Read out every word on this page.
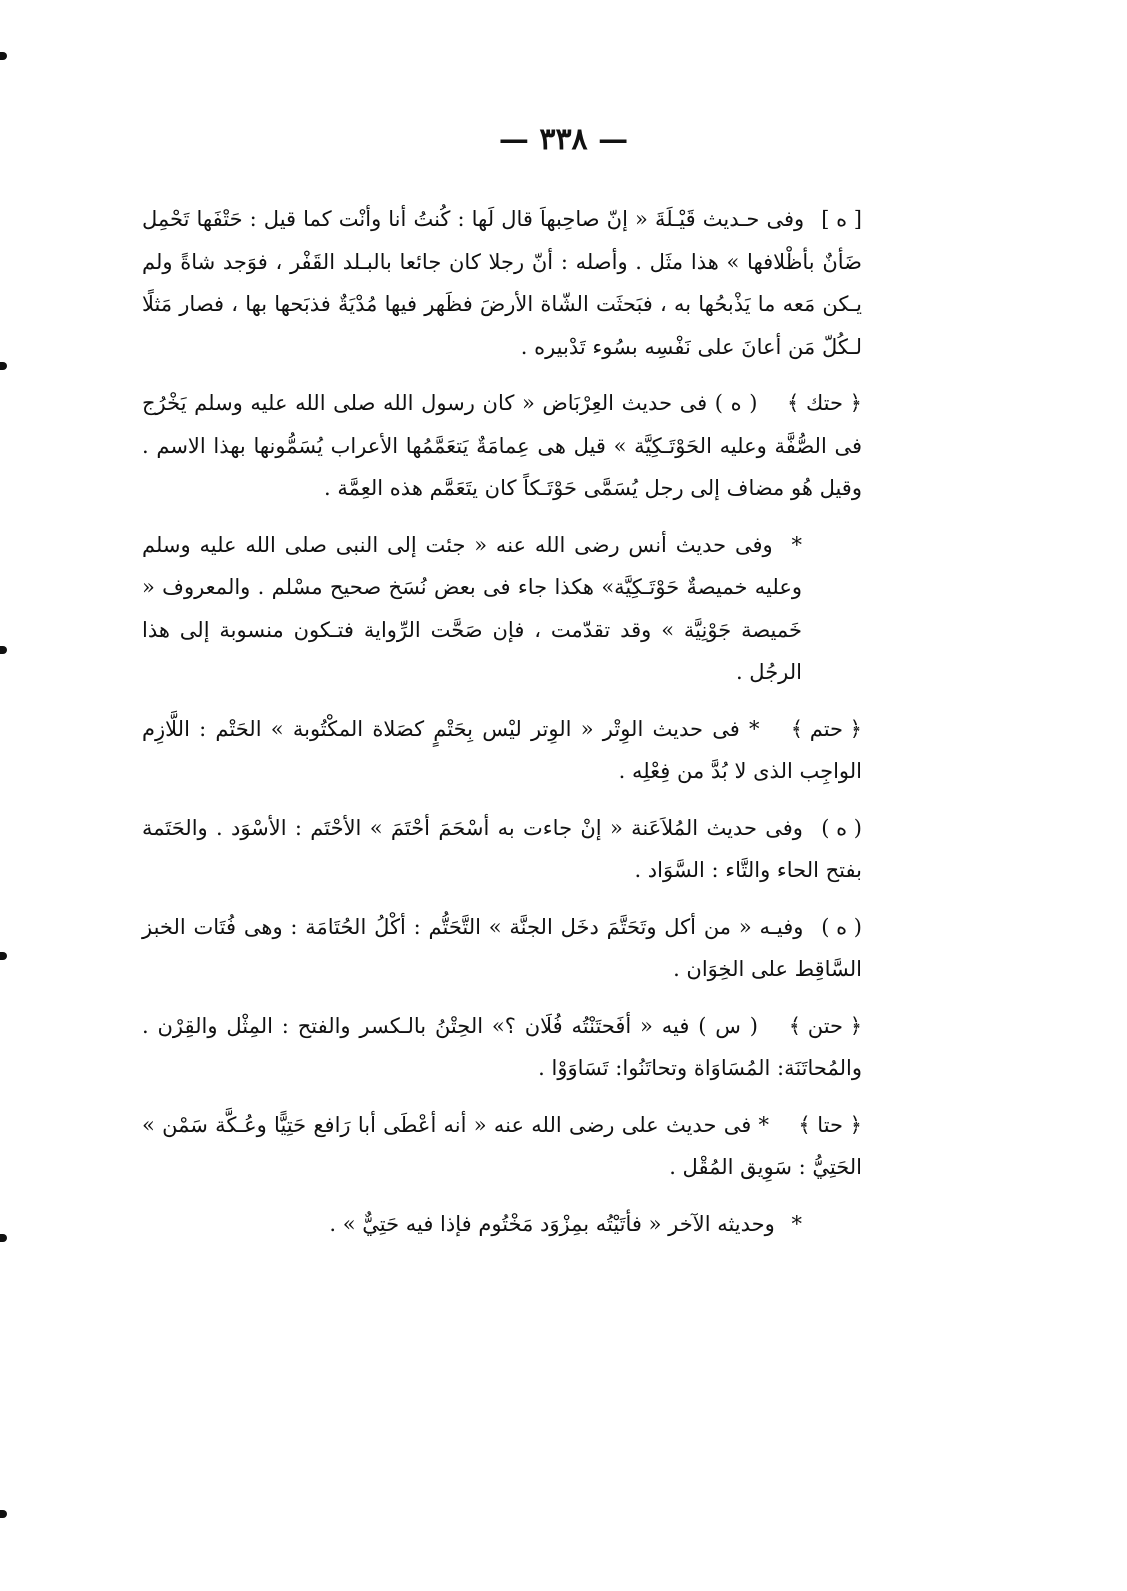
— ٣٣٨ —

[ ه ] وفى حـديث قَيْـلَةَ « إنّ صاحِبهاَ قال لَها : كُنتُ أنا وأنْت كما قيل : حَتْفَها تَحْمِل ضَأنٌ بأظْلافها » هذا مثَل . وأصله : أنّ رجلا كان جائعا بالبـلد القَفْر ، فوَجد شاةً ولم يـكن مَعه ما يَذْبحُها به ، فبَحثَت الشّاة الأرضَ فظَهر فيها مُدْيَةٌ فذبَحها بها ، فصار مَثلًا لـكُلّ مَن أعانَ على نَفْسِه بسُوء تَدْبيره .

﴿ حتك ﴾ ( ه ) فى حديث العِرْبَاض « كان رسول الله صلى الله عليه وسلم يَخْرُج فى الصُّفَّة وعليه الحَوْتَـكِيَّة » قيل هى عِمامَةٌ يَتعَمَّمُها الأعراب يُسَمُّونها بهذا الاسم . وقيل هُو مضاف إلى رجل يُسَمَّى حَوْتَـكاً كان يتَعَمَّم هذه العِمَّة .

* وفى حديث أنس رضى الله عنه « جئت إلى النبى صلى الله عليه وسلم وعليه خميصةٌ حَوْتَـكِيَّة» هكذا جاء فى بعض نُسَخ صحيح مسْلم . والمعروف « خَميصة جَوْنِيَّة » وقد تقدّمت ، فإن صَحَّت الرِّواية فتـكون منسوبة إلى هذا الرجُل .

﴿ حتم ﴾ * فى حديث الوِتْر « الوِتر ليْس بِحَتْمٍ كصَلاة المكْتُوبة » الحَتْم : اللَّازِم الواجِب الذى لا بُدَّ من فِعْلِه .

( ه ) وفى حديث المُلاَعَنة « إنْ جاءت به أسْحَمَ أحْتَمَ » الأحْتَم : الأسْوَد . والحَتَمة بفتح الحاء والتَّاء : السَّوَاد .

( ه ) وفيـه « من أكل وتَحَتَّمَ دخَل الجنَّة » التَّحَتُّم : أكْلُ الحُتَامَة : وهى فُتَات الخبز السَّاقِط على الخِوَان .

﴿ حتن ﴾ ( س ) فيه « أفَحتَنْتُه فُلَان ؟» الحِتْنُ بالـكسر والفتح : المِثْل والقِرْن . والمُحاتَنَة: المُسَاوَاة وتحاتَنُوا: تَسَاوَوْا .

﴿ حتا ﴾ * فى حديث على رضى الله عنه « أنه أعْطَى أبا رَافع حَتِيًّا وعُـكَّة سَمْن » الحَتِيُّ : سَوِيق المُقْل .

* وحديثه الآخر « فأتَيْتُه بمِزْوَد مَخْتُوم فإذا فيه حَتِيٌّ » .
